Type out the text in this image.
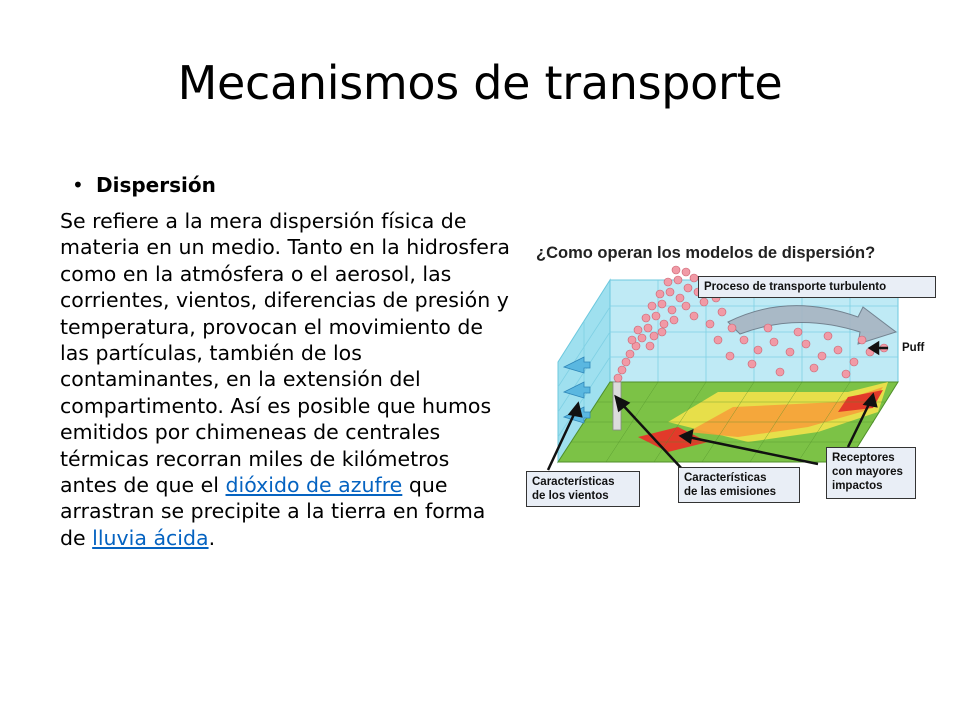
Mecanismos de transporte
• Dispersión
Se refiere a la mera dispersión física de materia en un medio. Tanto en la hidrosfera como en la atmósfera o el aerosol, las corrientes, vientos, diferencias de presión y temperatura, provocan el movimiento de las partículas, también de los contaminantes, en la extensión del compartimento. Así es posible que humos emitidos por chimeneas de centrales térmicas recorran miles de kilómetros antes de que el dióxido de azufre que arrastran se precipite a la tierra en forma de lluvia ácida.
¿Como operan los modelos de dispersión?
Proceso de transporte turbulento
Puff
Características
de los vientos
Características
de las emisiones
Receptores
con mayores
impactos
